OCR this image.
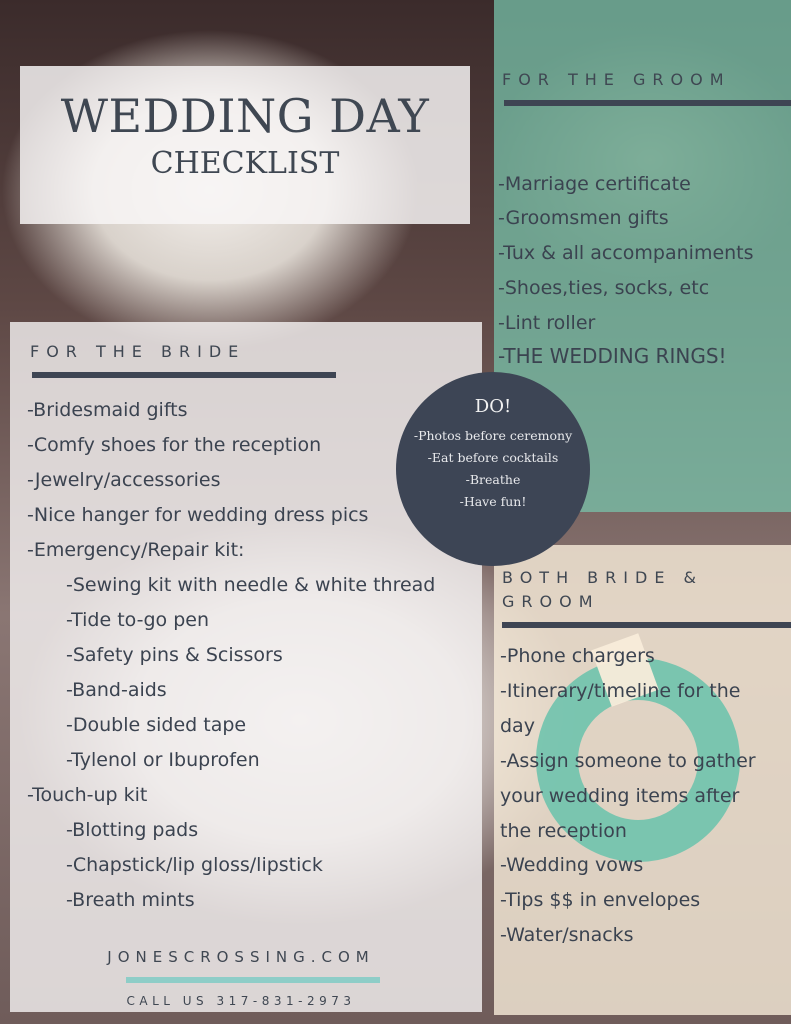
WEDDING DAY
CHECKLIST
FOR THE GROOM
-Marriage certificate
-Groomsmen gifts
-Tux & all accompaniments
-Shoes,ties, socks, etc
-Lint roller
-THE WEDDING RINGS!
FOR THE BRIDE
-Bridesmaid gifts
-Comfy shoes for the reception
-Jewelry/accessories
-Nice hanger for wedding dress pics
-Emergency/Repair kit:
-Sewing kit with needle & white thread
-Tide to-go pen
-Safety pins & Scissors
-Band-aids
-Double sided tape
-Tylenol or Ibuprofen
-Touch-up kit
-Blotting pads
-Chapstick/lip gloss/lipstick
-Breath mints
BOTH BRIDE &
GROOM
-Phone chargers
-Itinerary/timeline for the
day
-Assign someone to gather
your wedding items after
the reception
-Wedding vows
-Tips $$ in envelopes
-Water/snacks
DO!
-Photos before ceremony
-Eat before cocktails
-Breathe
-Have fun!
JONESCROSSING.COM
CALL US 317-831-2973
